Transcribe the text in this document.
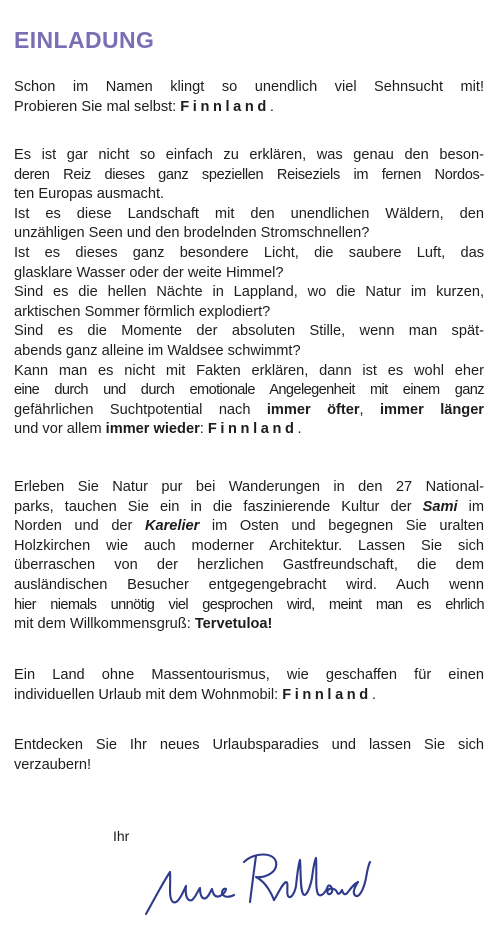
EINLADUNG

Schon im Namen klingt so unendlich viel Sehnsucht mit!
Probieren Sie mal selbst: Finnland.

Es ist gar nicht so einfach zu erklären, was genau den beson-
deren Reiz dieses ganz speziellen Reiseziels im fernen Nordos-
ten Europas ausmacht.
Ist es diese Landschaft mit den unendlichen Wäldern, den
unzähligen Seen und den brodelnden Stromschnellen?
Ist es dieses ganz besondere Licht, die saubere Luft, das
glasklare Wasser oder der weite Himmel?
Sind es die hellen Nächte in Lappland, wo die Natur im kurzen,
arktischen Sommer förmlich explodiert?
Sind es die Momente der absoluten Stille, wenn man spät-
abends ganz alleine im Waldsee schwimmt?
Kann man es nicht mit Fakten erklären, dann ist es wohl eher
eine durch und durch emotionale Angelegenheit mit einem ganz
gefährlichen Suchtpotential nach immer öfter, immer länger
und vor allem immer wieder: Finnland.

Erleben Sie Natur pur bei Wanderungen in den 27 National-
parks, tauchen Sie ein in die faszinierende Kultur der Sami im
Norden und der Karelier im Osten und begegnen Sie uralten
Holzkirchen wie auch moderner Architektur. Lassen Sie sich
überraschen von der herzlichen Gastfreundschaft, die dem
ausländischen Besucher entgegengebracht wird. Auch wenn
hier niemals unnötig viel gesprochen wird, meint man es ehrlich
mit dem Willkommensgruß: Tervetuloa!

Ein Land ohne Massentourismus, wie geschaffen für einen
individuellen Urlaub mit dem Wohnmobil: Finnland.

Entdecken Sie Ihr neues Urlaubsparadies und lassen Sie sich
verzaubern!

Ihr
